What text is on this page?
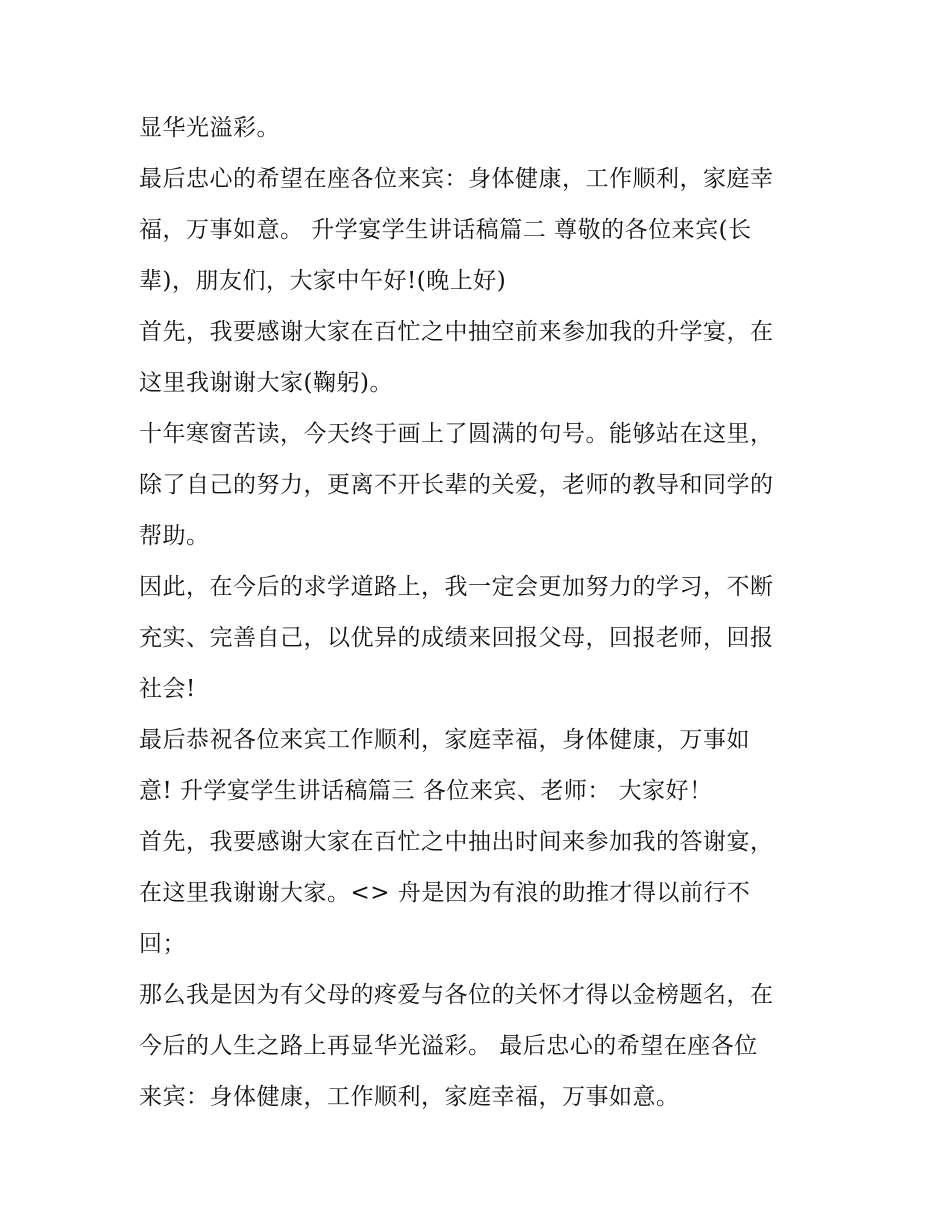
显华光溢彩。
最后忠心的希望在座各位来宾：身体健康，工作顺利，家庭幸
福，万事如意。 升学宴学生讲话稿篇二 尊敬的各位来宾(长
辈)，朋友们，大家中午好!(晚上好)
首先，我要感谢大家在百忙之中抽空前来参加我的升学宴，在
这里我谢谢大家(鞠躬)。
十年寒窗苦读，今天终于画上了圆满的句号。能够站在这里，
除了自己的努力，更离不开长辈的关爱，老师的教导和同学的
帮助。
因此，在今后的求学道路上，我一定会更加努力的学习，不断
充实、完善自己，以优异的成绩来回报父母，回报老师，回报
社会!
最后恭祝各位来宾工作顺利，家庭幸福，身体健康，万事如
意! 升学宴学生讲话稿篇三 各位来宾、老师： 大家好！
首先，我要感谢大家在百忙之中抽出时间来参加我的答谢宴，
在这里我谢谢大家。<> 舟是因为有浪的助推才得以前行不
回；
那么我是因为有父母的疼爱与各位的关怀才得以金榜题名，在
今后的人生之路上再显华光溢彩。 最后忠心的希望在座各位
来宾：身体健康，工作顺利，家庭幸福，万事如意。
